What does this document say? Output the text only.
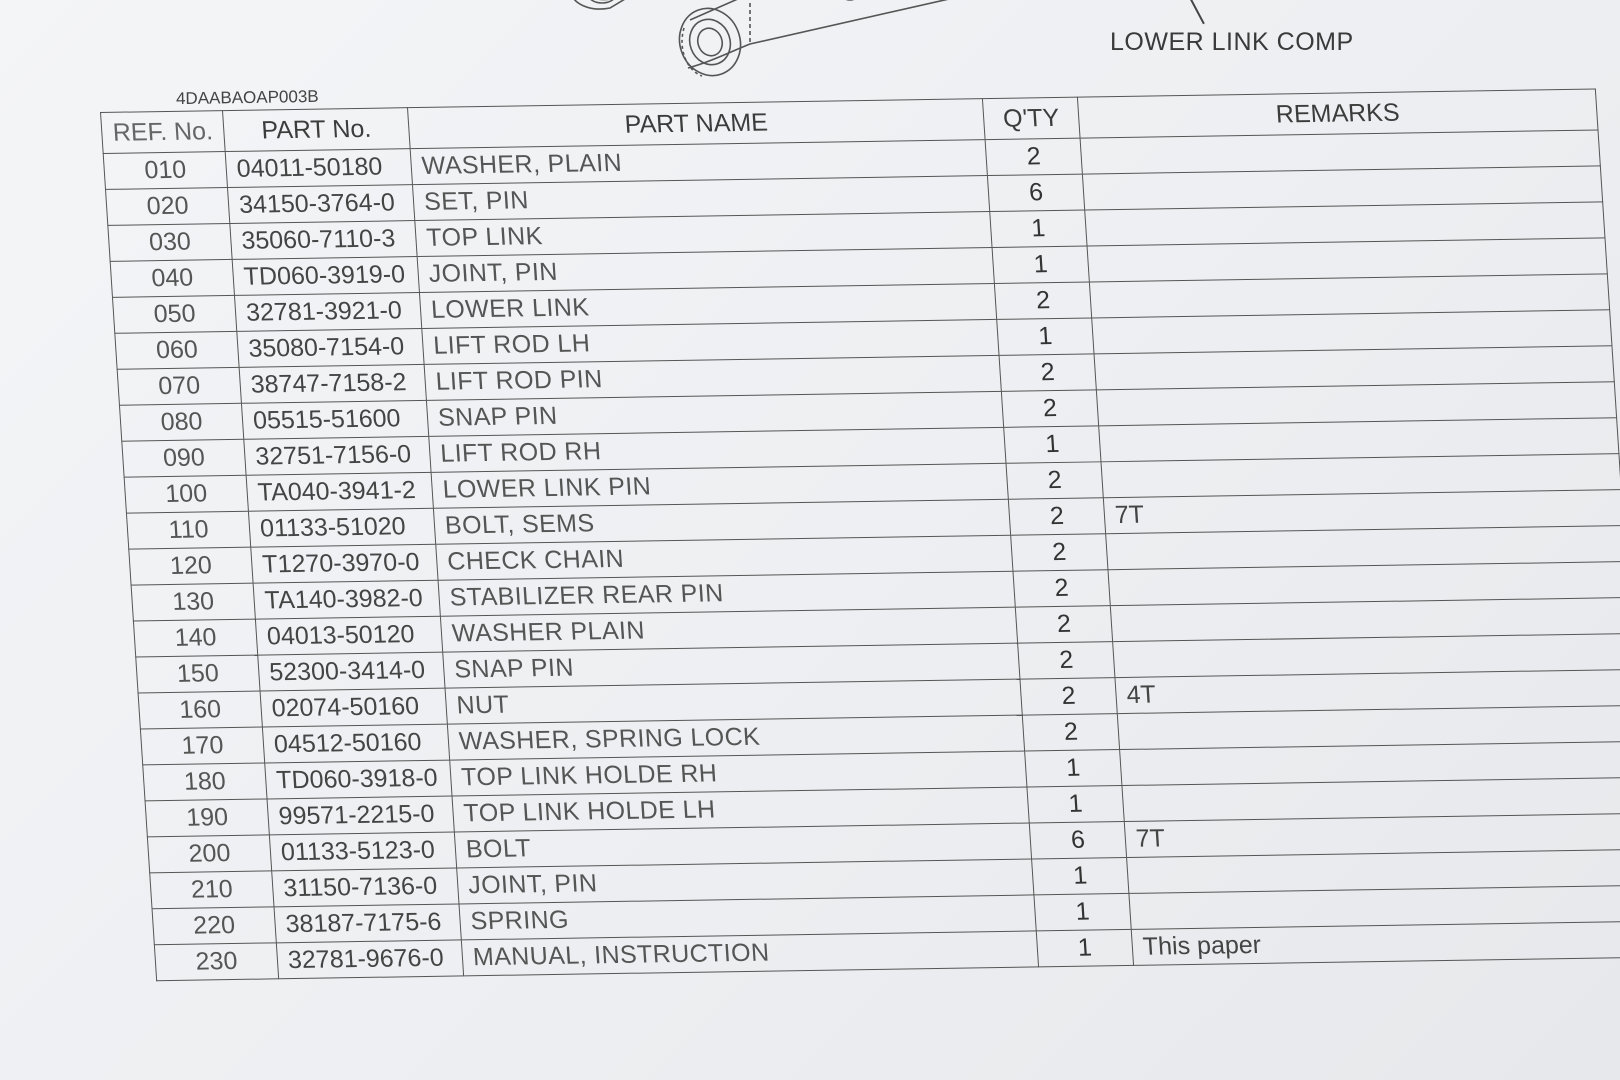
LOWER LINK COMP
4DAABAOAP003B
REF. No.	PART No.	PART NAME	Q'TY	REMARKS
010	04011-50180	WASHER, PLAIN	2	
020	34150-3764-0	SET, PIN	6	
030	35060-7110-3	TOP LINK	1	
040	TD060-3919-0	JOINT, PIN	1	
050	32781-3921-0	LOWER LINK	2	
060	35080-7154-0	LIFT ROD LH	1	
070	38747-7158-2	LIFT ROD PIN	2	
080	05515-51600	SNAP PIN	2	
090	32751-7156-0	LIFT ROD RH	1	
100	TA040-3941-2	LOWER LINK PIN	2	
110	01133-51020	BOLT, SEMS	2	7T
120	T1270-3970-0	CHECK CHAIN	2	
130	TA140-3982-0	STABILIZER REAR PIN	2	
140	04013-50120	WASHER PLAIN	2	
150	52300-3414-0	SNAP PIN	2	
160	02074-50160	NUT	2	4T
170	04512-50160	WASHER, SPRING LOCK	2	
180	TD060-3918-0	TOP LINK HOLDE RH	1	
190	99571-2215-0	TOP LINK HOLDE LH	1	
200	01133-5123-0	BOLT	6	7T
210	31150-7136-0	JOINT, PIN	1	
220	38187-7175-6	SPRING	1	
230	32781-9676-0	MANUAL, INSTRUCTION	1	This paper
